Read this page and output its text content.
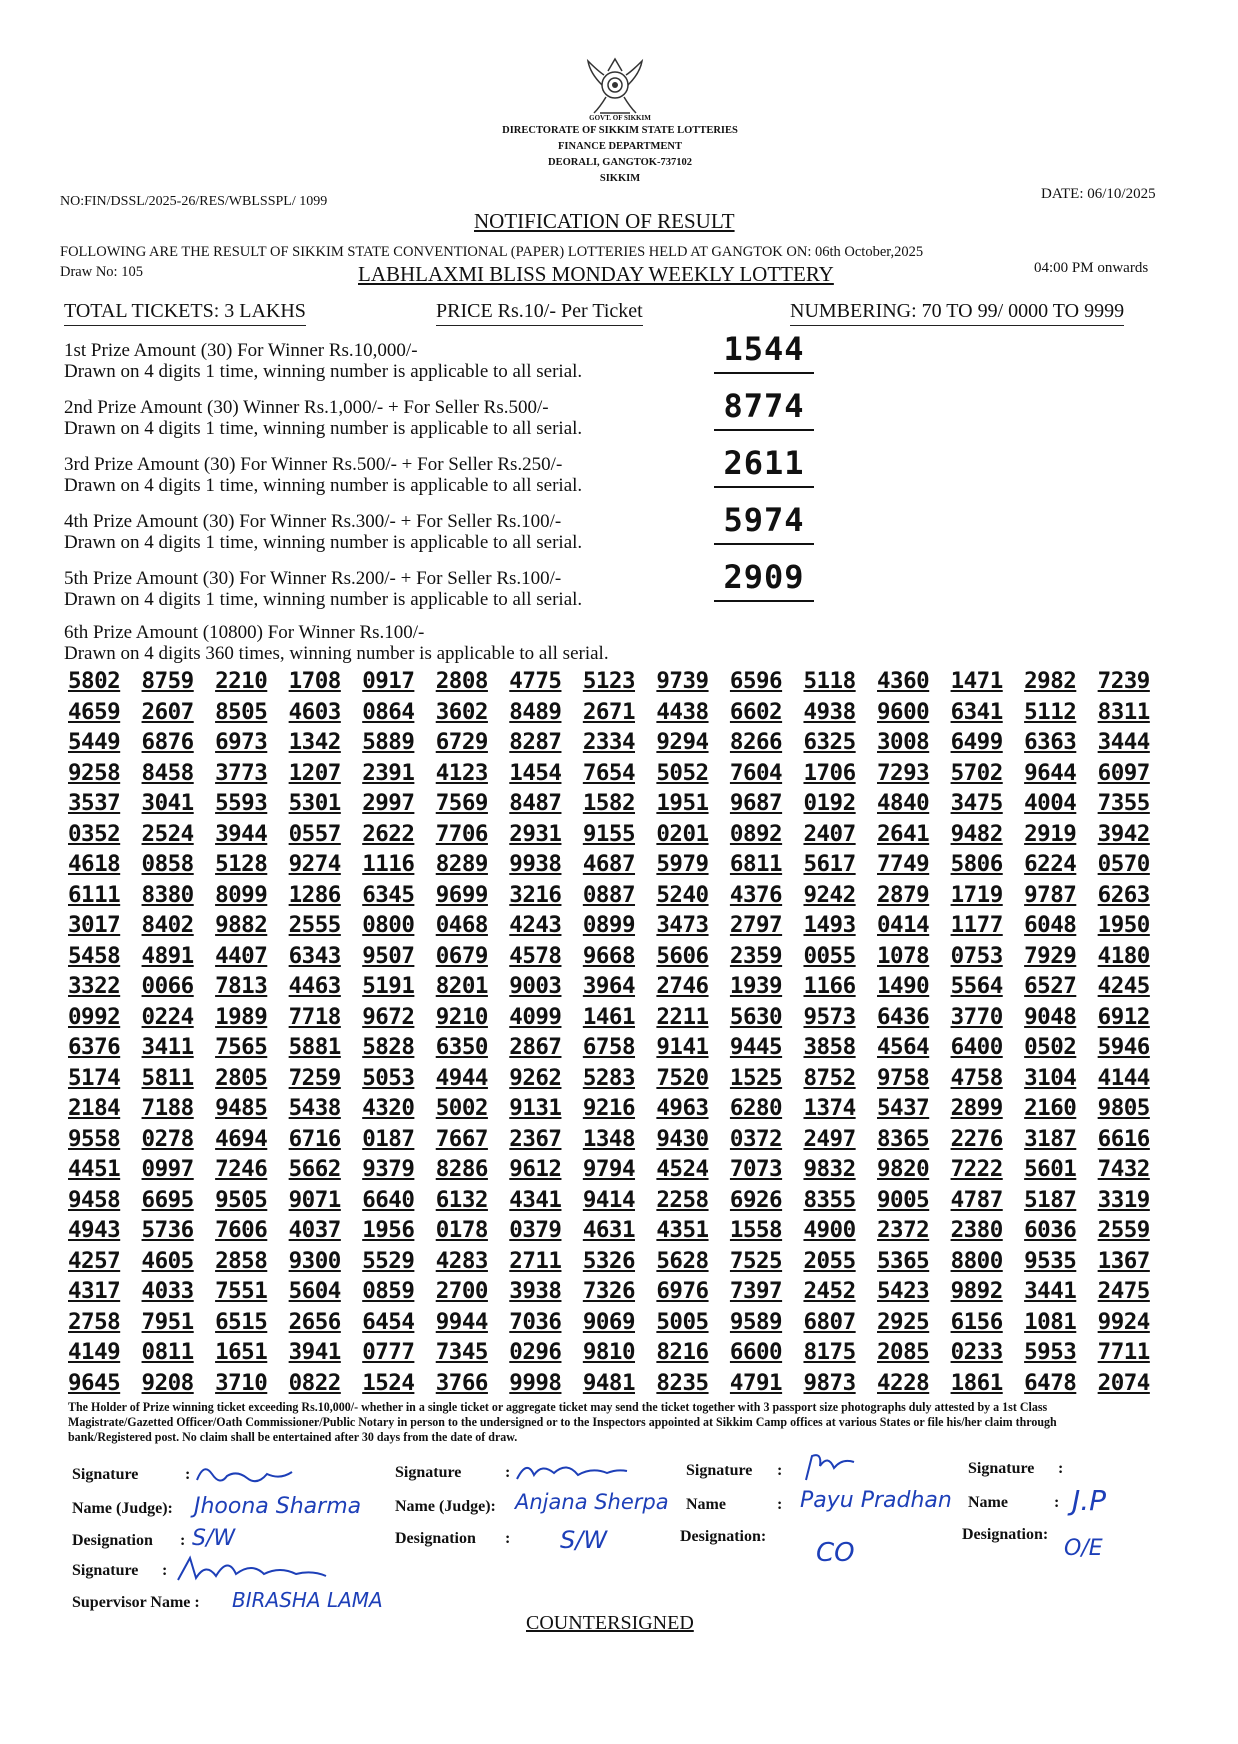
GOVT. OF SIKKIM
DIRECTORATE OF SIKKIM STATE LOTTERIES
FINANCE DEPARTMENT
DEORALI, GANGTOK-737102
SIKKIM
NO:FIN/DSSL/2025-26/RES/WBLSSPL/ 1099	DATE: 06/10/2025
NOTIFICATION OF RESULT
FOLLOWING ARE THE RESULT OF SIKKIM STATE CONVENTIONAL (PAPER) LOTTERIES HELD AT GANGTOK ON: 06th October,2025
Draw No: 105	LABHLAXMI BLISS MONDAY WEEKLY LOTTERY	04:00 PM onwards
TOTAL TICKETS: 3 LAKHS	PRICE Rs.10/- Per Ticket	NUMBERING: 70 TO 99/ 0000 TO 9999
1st Prize Amount (30) For Winner Rs.10,000/-
Drawn on 4 digits 1 time, winning number is applicable to all serial.
1544
2nd Prize Amount (30) Winner Rs.1,000/- + For Seller Rs.500/-
Drawn on 4 digits 1 time, winning number is applicable to all serial.
8774
3rd Prize Amount (30) For Winner Rs.500/- + For Seller Rs.250/-
Drawn on 4 digits 1 time, winning number is applicable to all serial.
2611
4th Prize Amount (30) For Winner Rs.300/- + For Seller Rs.100/-
Drawn on 4 digits 1 time, winning number is applicable to all serial.
5974
5th Prize Amount (30) For Winner Rs.200/- + For Seller Rs.100/-
Drawn on 4 digits 1 time, winning number is applicable to all serial.
2909
6th Prize Amount (10800) For Winner Rs.100/-
Drawn on 4 digits 360 times, winning number is applicable to all serial.
5802 8759 2210 1708 0917 2808 4775 5123 9739 6596 5118 4360 1471 2982 7239
4659 2607 8505 4603 0864 3602 8489 2671 4438 6602 4938 9600 6341 5112 8311
5449 6876 6973 1342 5889 6729 8287 2334 9294 8266 6325 3008 6499 6363 3444
9258 8458 3773 1207 2391 4123 1454 7654 5052 7604 1706 7293 5702 9644 6097
3537 3041 5593 5301 2997 7569 8487 1582 1951 9687 0192 4840 3475 4004 7355
0352 2524 3944 0557 2622 7706 2931 9155 0201 0892 2407 2641 9482 2919 3942
4618 0858 5128 9274 1116 8289 9938 4687 5979 6811 5617 7749 5806 6224 0570
6111 8380 8099 1286 6345 9699 3216 0887 5240 4376 9242 2879 1719 9787 6263
3017 8402 9882 2555 0800 0468 4243 0899 3473 2797 1493 0414 1177 6048 1950
5458 4891 4407 6343 9507 0679 4578 9668 5606 2359 0055 1078 0753 7929 4180
3322 0066 7813 4463 5191 8201 9003 3964 2746 1939 1166 1490 5564 6527 4245
0992 0224 1989 7718 9672 9210 4099 1461 2211 5630 9573 6436 3770 9048 6912
6376 3411 7565 5881 5828 6350 2867 6758 9141 9445 3858 4564 6400 0502 5946
5174 5811 2805 7259 5053 4944 9262 5283 7520 1525 8752 9758 4758 3104 4144
2184 7188 9485 5438 4320 5002 9131 9216 4963 6280 1374 5437 2899 2160 9805
9558 0278 4694 6716 0187 7667 2367 1348 9430 0372 2497 8365 2276 3187 6616
4451 0997 7246 5662 9379 8286 9612 9794 4524 7073 9832 9820 7222 5601 7432
9458 6695 9505 9071 6640 6132 4341 9414 2258 6926 8355 9005 4787 5187 3319
4943 5736 7606 4037 1956 0178 0379 4631 4351 1558 4900 2372 2380 6036 2559
4257 4605 2858 9300 5529 4283 2711 5326 5628 7525 2055 5365 8800 9535 1367
4317 4033 7551 5604 0859 2700 3938 7326 6976 7397 2452 5423 9892 3441 2475
2758 7951 6515 2656 6454 9944 7036 9069 5005 9589 6807 2925 6156 1081 9924
4149 0811 1651 3941 0777 7345 0296 9810 8216 6600 8175 2085 0233 5953 7711
9645 9208 3710 0822 1524 3766 9998 9481 8235 4791 9873 4228 1861 6478 2074
The Holder of Prize winning ticket exceeding Rs.10,000/- whether in a single ticket or aggregate ticket may send the ticket together with 3 passport size photographs duly attested by a 1st Class Magistrate/Gazetted Officer/Oath Commissioner/Public Notary in person to the undersigned or to the Inspectors appointed at Sikkim Camp offices at various States or file his/her claim through bank/Registered post. No claim shall be entertained after 30 days from the date of draw.
Signature	:	Signature	:	Signature :	Signature :
Name (Judge): Jhoona Sharma Name (Judge): Anjana Sherpa Name	: Payu Pradhan Name	: J.P
Designation : S/W	Designation : S/W	Designation:
CO
Designation:
O/E
Signature :
Supervisor Name : BIRASHA LAMA
COUNTERSIGNED
